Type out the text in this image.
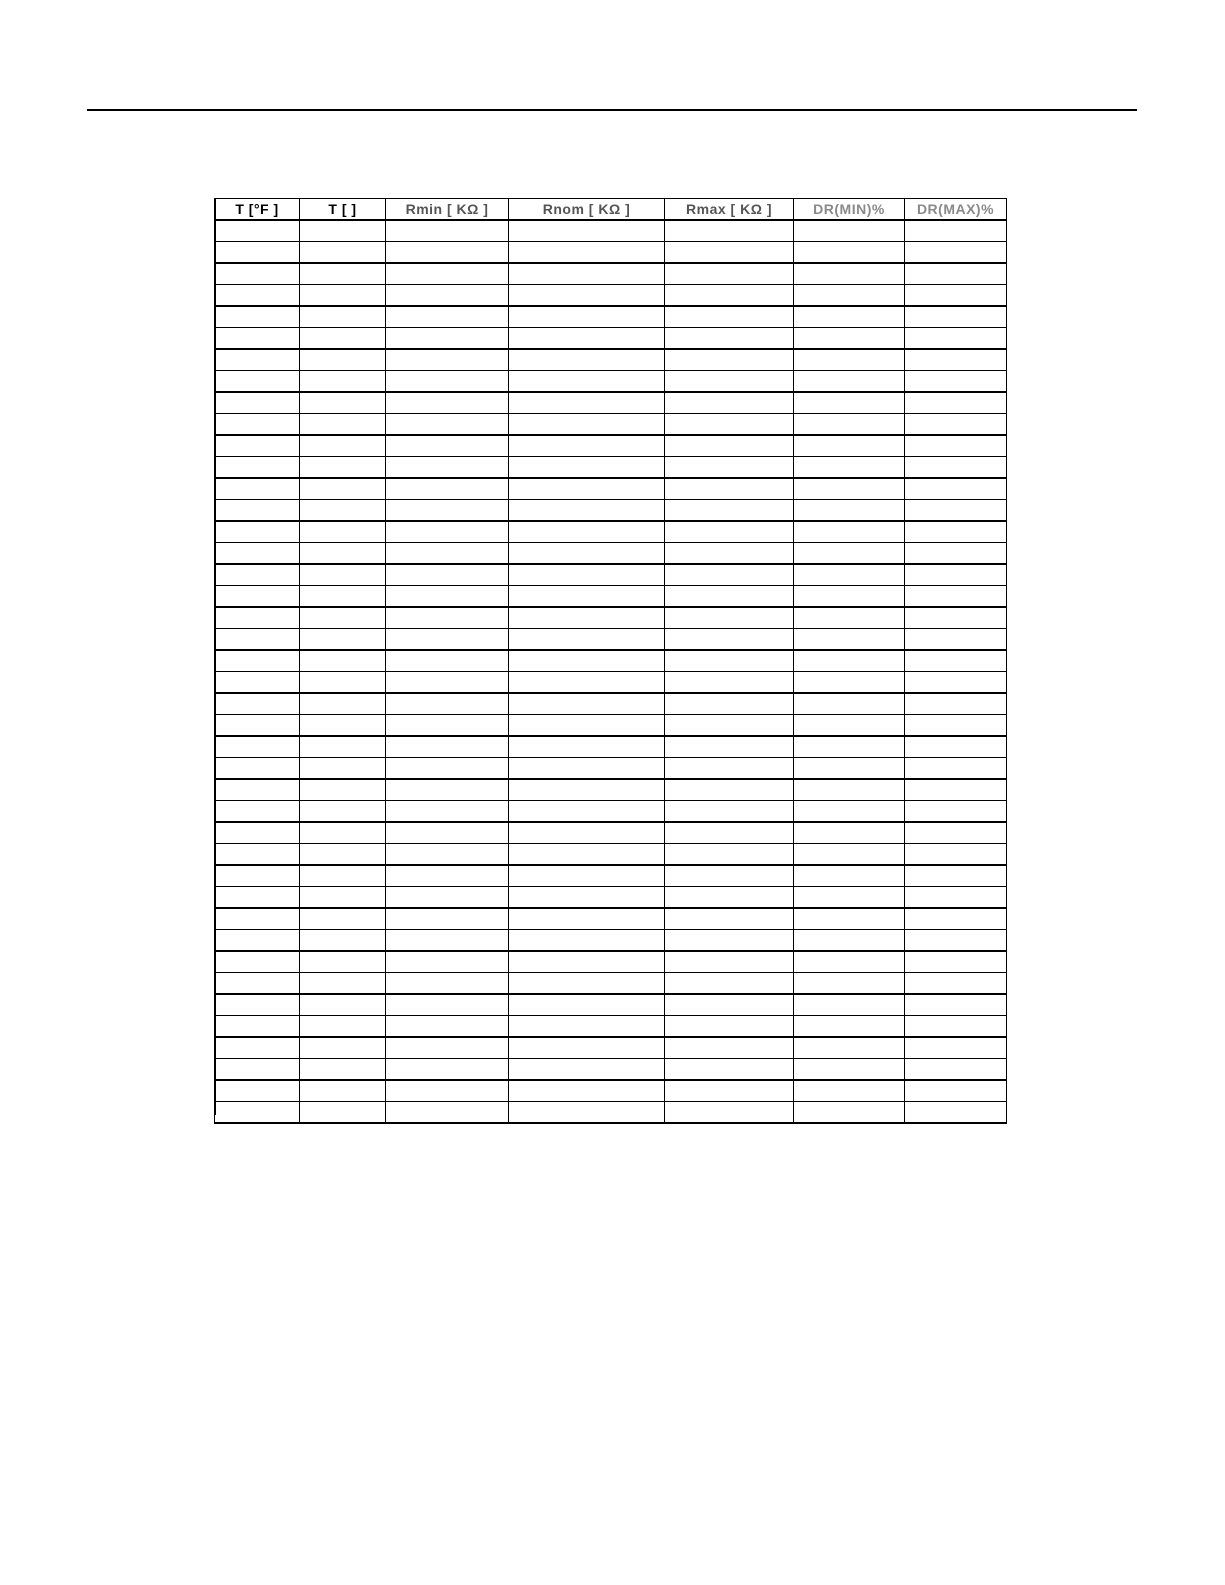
T [°F ]	T [ ]	Rmin [ KΩ ]	Rnom [ KΩ ]	Rmax [ KΩ ]	DR(MIN)%	DR(MAX)%
